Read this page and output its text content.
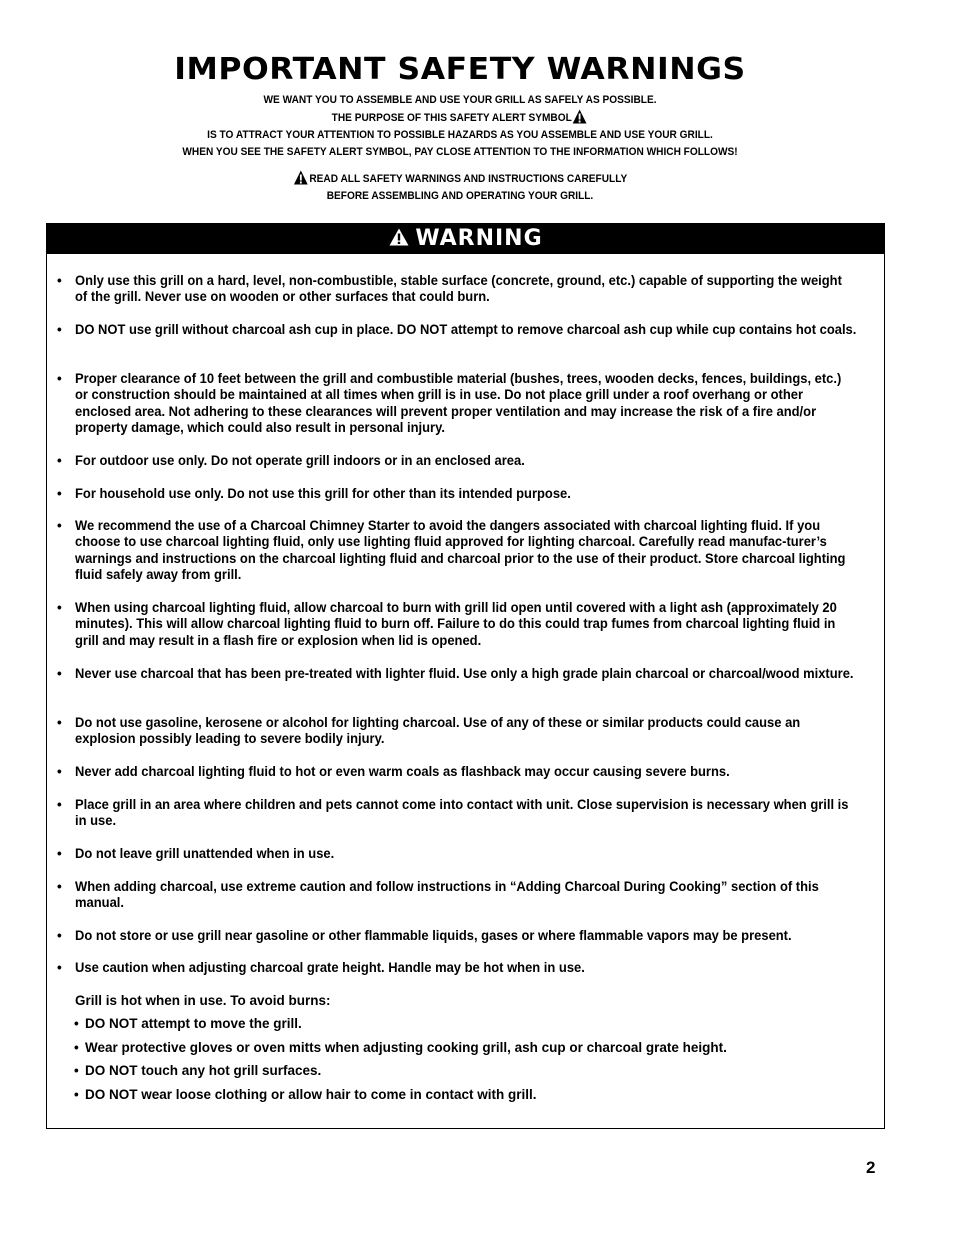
IMPORTANT SAFETY WARNINGS
WE WANT YOU TO ASSEMBLE AND USE YOUR GRILL AS SAFELY AS POSSIBLE.
THE PURPOSE OF THIS SAFETY ALERT SYMBOL
IS TO ATTRACT YOUR ATTENTION TO POSSIBLE HAZARDS AS YOU ASSEMBLE AND USE YOUR GRILL.
WHEN YOU SEE THE SAFETY ALERT SYMBOL, PAY CLOSE ATTENTION TO THE INFORMATION WHICH FOLLOWS!
READ ALL SAFETY WARNINGS AND INSTRUCTIONS CAREFULLY
BEFORE ASSEMBLING AND OPERATING YOUR GRILL.
WARNING
• Only use this grill on a hard, level, non-combustible, stable surface (concrete, ground, etc.) capable of supporting the weight of the grill. Never use on wooden or other surfaces that could burn.
• DO NOT use grill without charcoal ash cup in place. DO NOT attempt to remove charcoal ash cup while cup contains hot coals.
• Proper clearance of 10 feet between the grill and combustible material (bushes, trees, wooden decks, fences, buildings, etc.) or construction should be maintained at all times when grill is in use. Do not place grill under a roof overhang or other enclosed area. Not adhering to these clearances will prevent proper ventilation and may increase the risk of a fire and/or property damage, which could also result in personal injury.
• For outdoor use only. Do not operate grill indoors or in an enclosed area.
• For household use only. Do not use this grill for other than its intended purpose.
• We recommend the use of a Charcoal Chimney Starter to avoid the dangers associated with charcoal lighting fluid. If you choose to use charcoal lighting fluid, only use lighting fluid approved for lighting charcoal. Carefully read manufac-turer’s warnings and instructions on the charcoal lighting fluid and charcoal prior to the use of their product. Store charcoal lighting fluid safely away from grill.
• When using charcoal lighting fluid, allow charcoal to burn with grill lid open until covered with a light ash (approximately 20 minutes). This will allow charcoal lighting fluid to burn off. Failure to do this could trap fumes from charcoal lighting fluid in grill and may result in a flash fire or explosion when lid is opened.
• Never use charcoal that has been pre-treated with lighter fluid. Use only a high grade plain charcoal or charcoal/wood mixture.
• Do not use gasoline, kerosene or alcohol for lighting charcoal. Use of any of these or similar products could cause an explosion possibly leading to severe bodily injury.
• Never add charcoal lighting fluid to hot or even warm coals as flashback may occur causing severe burns.
• Place grill in an area where children and pets cannot come into contact with unit. Close supervision is necessary when grill is in use.
• Do not leave grill unattended when in use.
• When adding charcoal, use extreme caution and follow instructions in “Adding Charcoal During Cooking” section of this manual.
• Do not store or use grill near gasoline or other flammable liquids, gases or where flammable vapors may be present.
• Use caution when adjusting charcoal grate height. Handle may be hot when in use.
Grill is hot when in use. To avoid burns:
• DO NOT attempt to move the grill.
• Wear protective gloves or oven mitts when adjusting cooking grill, ash cup or charcoal grate height.
• DO NOT touch any hot grill surfaces.
• DO NOT wear loose clothing or allow hair to come in contact with grill.
2
